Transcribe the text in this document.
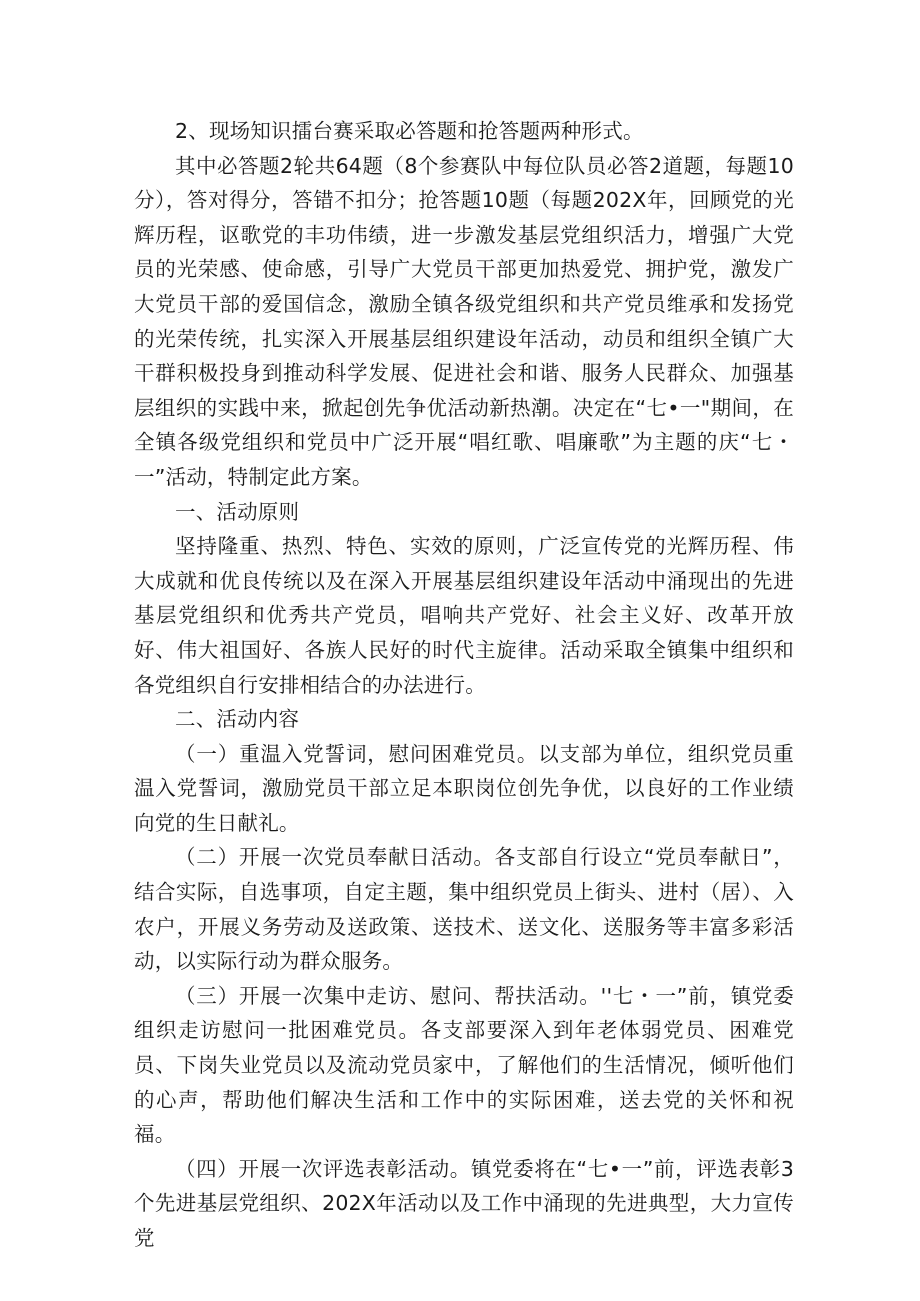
2、现场知识擂台赛采取必答题和抢答题两种形式。

其中必答题2轮共64题（8个参赛队中每位队员必答2道题，每题10分），答对得分，答错不扣分；抢答题10题（每题202X年，回顾党的光辉历程，讴歌党的丰功伟绩，进一步激发基层党组织活力，增强广大党员的光荣感、使命感，引导广大党员干部更加热爱党、拥护党，激发广大党员干部的爱国信念，激励全镇各级党组织和共产党员维承和发扬党的光荣传统，扎实深入开展基层组织建设年活动，动员和组织全镇广大干群积极投身到推动科学发展、促进社会和谐、服务人民群众、加强基层组织的实践中来，掀起创先争优活动新热潮。决定在“七•一"期间，在全镇各级党组织和党员中广泛开展“唱红歌、唱廉歌”为主题的庆“七・一”活动，特制定此方案。

一、活动原则

坚持隆重、热烈、特色、实效的原则，广泛宣传党的光辉历程、伟大成就和优良传统以及在深入开展基层组织建设年活动中涌现出的先进基层党组织和优秀共产党员，唱响共产党好、社会主义好、改革开放好、伟大祖国好、各族人民好的时代主旋律。活动采取全镇集中组织和各党组织自行安排相结合的办法进行。

二、活动内容

（一）重温入党誓词，慰问困难党员。以支部为单位，组织党员重温入党誓词，激励党员干部立足本职岗位创先争优，以良好的工作业绩向党的生日献礼。

（二）开展一次党员奉献日活动。各支部自行设立“党员奉献日”，结合实际，自选事项，自定主题，集中组织党员上街头、进村（居）、入农户，开展义务劳动及送政策、送技术、送文化、送服务等丰富多彩活动，以实际行动为群众服务。

（三）开展一次集中走访、慰问、帮扶活动。''七・一”前，镇党委组织走访慰问一批困难党员。各支部要深入到年老体弱党员、困难党员、下岗失业党员以及流动党员家中，了解他们的生活情况，倾听他们的心声，帮助他们解决生活和工作中的实际困难，送去党的关怀和祝福。

（四）开展一次评选表彰活动。镇党委将在“七•一”前，评选表彰3个先进基层党组织、202X年活动以及工作中涌现的先进典型，大力宣传党
